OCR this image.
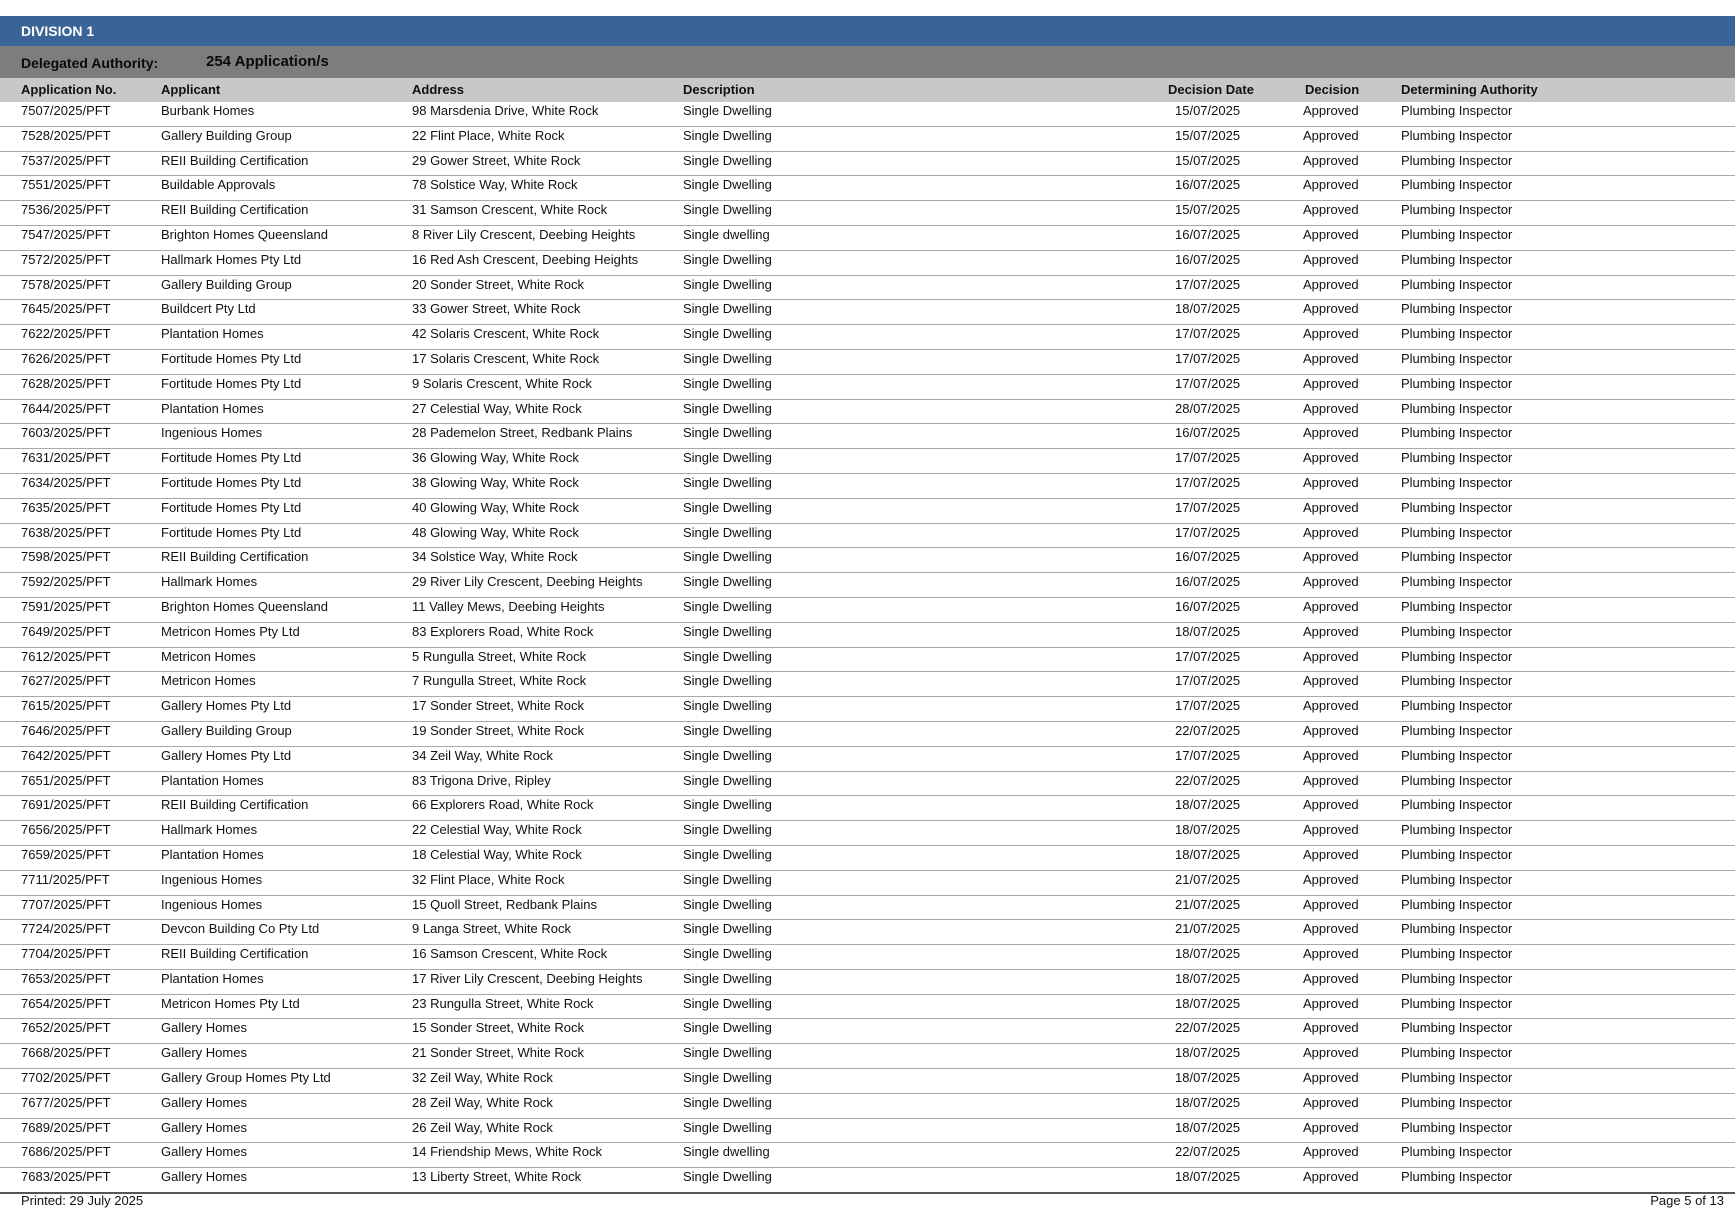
DIVISION 1
Delegated Authority:	254 Application/s
Application No.	Applicant	Address	Description	Decision Date	Decision	Determining Authority
7507/2025/PFT	Burbank Homes	98 Marsdenia Drive, White Rock	Single Dwelling	15/07/2025	Approved	Plumbing Inspector
7528/2025/PFT	Gallery Building Group	22 Flint Place, White Rock	Single Dwelling	15/07/2025	Approved	Plumbing Inspector
7537/2025/PFT	REII Building Certification	29 Gower Street, White Rock	Single Dwelling	15/07/2025	Approved	Plumbing Inspector
7551/2025/PFT	Buildable Approvals	78 Solstice Way, White Rock	Single Dwelling	16/07/2025	Approved	Plumbing Inspector
7536/2025/PFT	REII Building Certification	31 Samson Crescent, White Rock	Single Dwelling	15/07/2025	Approved	Plumbing Inspector
7547/2025/PFT	Brighton Homes Queensland	8 River Lily Crescent, Deebing Heights	Single dwelling	16/07/2025	Approved	Plumbing Inspector
7572/2025/PFT	Hallmark Homes Pty Ltd	16 Red Ash Crescent, Deebing Heights	Single Dwelling	16/07/2025	Approved	Plumbing Inspector
7578/2025/PFT	Gallery Building Group	20 Sonder Street, White Rock	Single Dwelling	17/07/2025	Approved	Plumbing Inspector
7645/2025/PFT	Buildcert Pty Ltd	33 Gower Street, White Rock	Single Dwelling	18/07/2025	Approved	Plumbing Inspector
7622/2025/PFT	Plantation Homes	42 Solaris Crescent, White Rock	Single Dwelling	17/07/2025	Approved	Plumbing Inspector
7626/2025/PFT	Fortitude Homes Pty Ltd	17 Solaris Crescent, White Rock	Single Dwelling	17/07/2025	Approved	Plumbing Inspector
7628/2025/PFT	Fortitude Homes Pty Ltd	9 Solaris Crescent, White Rock	Single Dwelling	17/07/2025	Approved	Plumbing Inspector
7644/2025/PFT	Plantation Homes	27 Celestial Way, White Rock	Single Dwelling	28/07/2025	Approved	Plumbing Inspector
7603/2025/PFT	Ingenious Homes	28 Pademelon Street, Redbank Plains	Single Dwelling	16/07/2025	Approved	Plumbing Inspector
7631/2025/PFT	Fortitude Homes Pty Ltd	36 Glowing Way, White Rock	Single Dwelling	17/07/2025	Approved	Plumbing Inspector
7634/2025/PFT	Fortitude Homes Pty Ltd	38 Glowing Way, White Rock	Single Dwelling	17/07/2025	Approved	Plumbing Inspector
7635/2025/PFT	Fortitude Homes Pty Ltd	40 Glowing Way, White Rock	Single Dwelling	17/07/2025	Approved	Plumbing Inspector
7638/2025/PFT	Fortitude Homes Pty Ltd	48 Glowing Way, White Rock	Single Dwelling	17/07/2025	Approved	Plumbing Inspector
7598/2025/PFT	REII Building Certification	34 Solstice Way, White Rock	Single Dwelling	16/07/2025	Approved	Plumbing Inspector
7592/2025/PFT	Hallmark Homes	29 River Lily Crescent, Deebing Heights	Single Dwelling	16/07/2025	Approved	Plumbing Inspector
7591/2025/PFT	Brighton Homes Queensland	11 Valley Mews, Deebing Heights	Single Dwelling	16/07/2025	Approved	Plumbing Inspector
7649/2025/PFT	Metricon Homes Pty Ltd	83 Explorers Road, White Rock	Single Dwelling	18/07/2025	Approved	Plumbing Inspector
7612/2025/PFT	Metricon Homes	5 Rungulla Street, White Rock	Single Dwelling	17/07/2025	Approved	Plumbing Inspector
7627/2025/PFT	Metricon Homes	7 Rungulla Street, White Rock	Single Dwelling	17/07/2025	Approved	Plumbing Inspector
7615/2025/PFT	Gallery Homes Pty Ltd	17 Sonder Street, White Rock	Single Dwelling	17/07/2025	Approved	Plumbing Inspector
7646/2025/PFT	Gallery Building Group	19 Sonder Street, White Rock	Single Dwelling	22/07/2025	Approved	Plumbing Inspector
7642/2025/PFT	Gallery Homes Pty Ltd	34 Zeil Way, White Rock	Single Dwelling	17/07/2025	Approved	Plumbing Inspector
7651/2025/PFT	Plantation Homes	83 Trigona Drive, Ripley	Single Dwelling	22/07/2025	Approved	Plumbing Inspector
7691/2025/PFT	REII Building Certification	66 Explorers Road, White Rock	Single Dwelling	18/07/2025	Approved	Plumbing Inspector
7656/2025/PFT	Hallmark Homes	22 Celestial Way, White Rock	Single Dwelling	18/07/2025	Approved	Plumbing Inspector
7659/2025/PFT	Plantation Homes	18 Celestial Way, White Rock	Single Dwelling	18/07/2025	Approved	Plumbing Inspector
7711/2025/PFT	Ingenious Homes	32 Flint Place, White Rock	Single Dwelling	21/07/2025	Approved	Plumbing Inspector
7707/2025/PFT	Ingenious Homes	15 Quoll Street, Redbank Plains	Single Dwelling	21/07/2025	Approved	Plumbing Inspector
7724/2025/PFT	Devcon Building Co Pty Ltd	9 Langa Street, White Rock	Single Dwelling	21/07/2025	Approved	Plumbing Inspector
7704/2025/PFT	REII Building Certification	16 Samson Crescent, White Rock	Single Dwelling	18/07/2025	Approved	Plumbing Inspector
7653/2025/PFT	Plantation Homes	17 River Lily Crescent, Deebing Heights	Single Dwelling	18/07/2025	Approved	Plumbing Inspector
7654/2025/PFT	Metricon Homes Pty Ltd	23 Rungulla Street, White Rock	Single Dwelling	18/07/2025	Approved	Plumbing Inspector
7652/2025/PFT	Gallery Homes	15 Sonder Street, White Rock	Single Dwelling	22/07/2025	Approved	Plumbing Inspector
7668/2025/PFT	Gallery Homes	21 Sonder Street, White Rock	Single Dwelling	18/07/2025	Approved	Plumbing Inspector
7702/2025/PFT	Gallery Group Homes Pty Ltd	32 Zeil Way, White Rock	Single Dwelling	18/07/2025	Approved	Plumbing Inspector
7677/2025/PFT	Gallery Homes	28 Zeil Way, White Rock	Single Dwelling	18/07/2025	Approved	Plumbing Inspector
7689/2025/PFT	Gallery Homes	26 Zeil Way, White Rock	Single Dwelling	18/07/2025	Approved	Plumbing Inspector
7686/2025/PFT	Gallery Homes	14 Friendship Mews, White Rock	Single dwelling	22/07/2025	Approved	Plumbing Inspector
7683/2025/PFT	Gallery Homes	13 Liberty Street, White Rock	Single Dwelling	18/07/2025	Approved	Plumbing Inspector
Printed: 29 July 2025	Page 5 of 13
